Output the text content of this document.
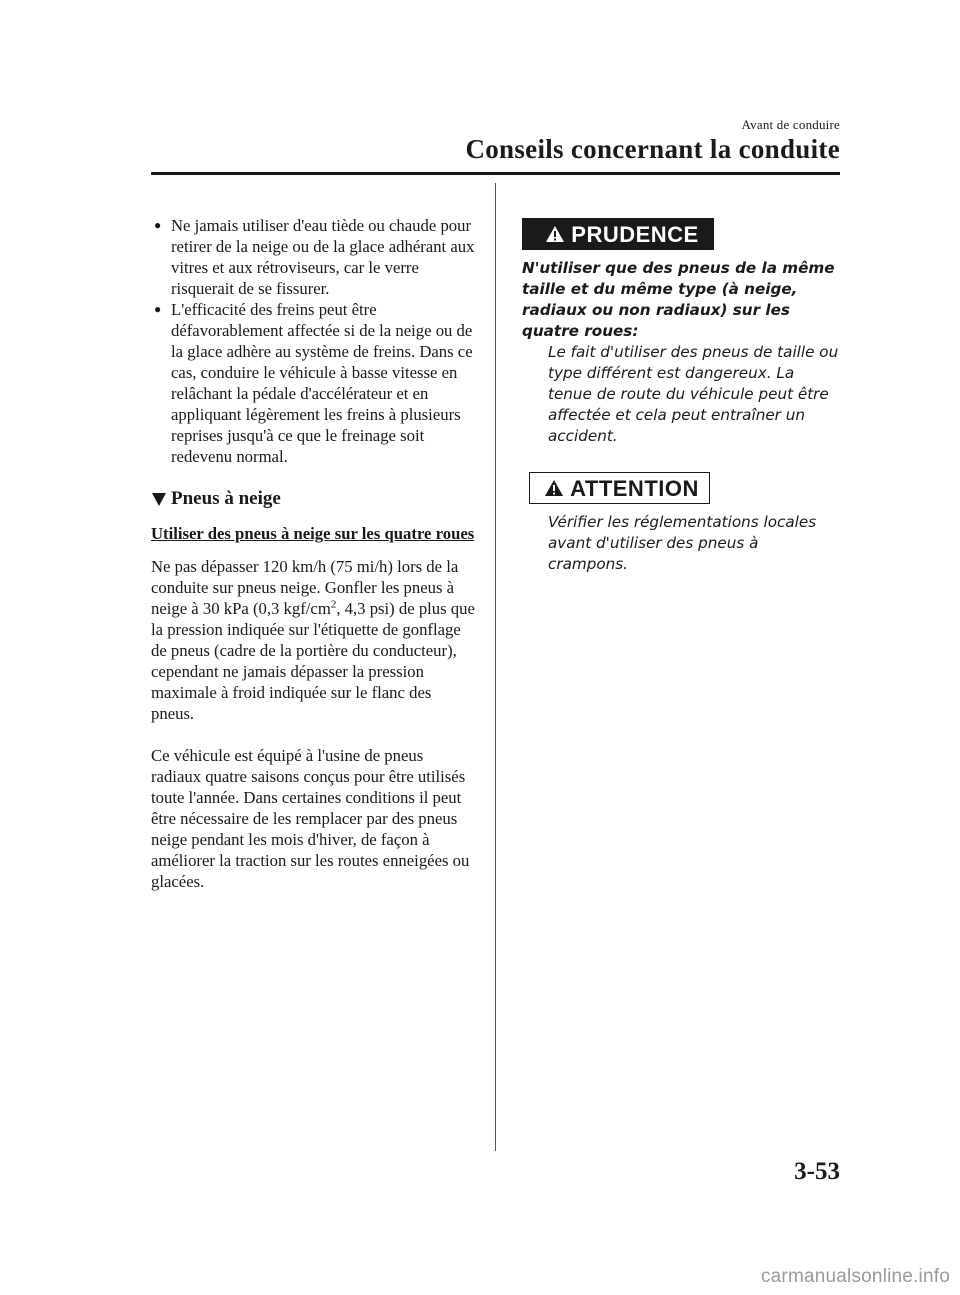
Avant de conduire
Conseils concernant la conduite
● Ne jamais utiliser d'eau tiède ou chaude pour retirer de la neige ou de la glace adhérant aux vitres et aux rétroviseurs, car le verre risquerait de se fissurer.
● L'efficacité des freins peut être défavorablement affectée si de la neige ou de la glace adhère au système de freins. Dans ce cas, conduire le véhicule à basse vitesse en relâchant la pédale d'accélérateur et en appliquant légèrement les freins à plusieurs reprises jusqu'à ce que le freinage soit redevenu normal.
Pneus à neige
Utiliser des pneus à neige sur les quatre roues

Ne pas dépasser 120 km/h (75 mi/h) lors de la conduite sur pneus neige. Gonfler les pneus à neige à 30 kPa (0,3 kgf/$cm^2$, 4,3 psi) de plus que la pression indiquée sur l'étiquette de gonflage de pneus (cadre de la portière du conducteur), cependant ne jamais dépasser la pression maximale à froid indiquée sur le flanc des pneus.

Ce véhicule est équipé à l'usine de pneus radiaux quatre saisons conçus pour être utilisés toute l'année. Dans certaines conditions il peut être nécessaire de les remplacer par des pneus neige pendant les mois d'hiver, de façon à améliorer la traction sur les routes enneigées ou glacées.

PRUDENCE
N'utiliser que des pneus de la même taille et du même type (à neige, radiaux ou non radiaux) sur les quatre roues:
Le fait d'utiliser des pneus de taille ou type différent est dangereux. La tenue de route du véhicule peut être affectée et cela peut entraîner un accident.
ATTENTION
Vérifier les réglementations locales avant d'utiliser des pneus à crampons.
3-53
carmanualsonline.info
